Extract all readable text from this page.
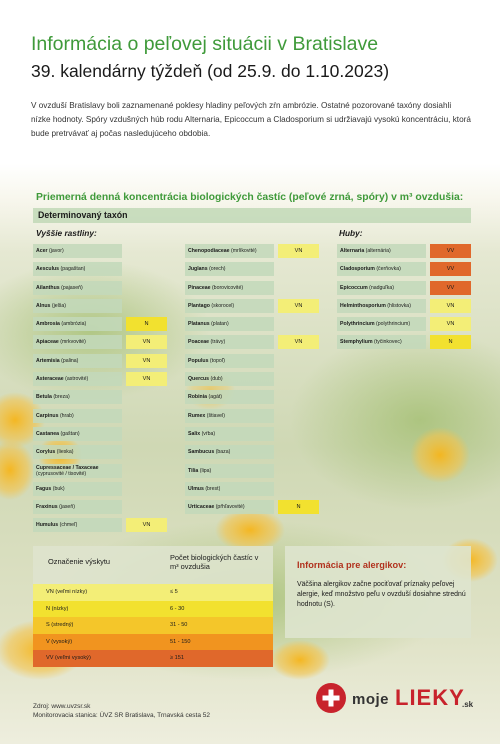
Informácia o peľovej situácii v Bratislave
39. kalendárny týždeň (od 25.9. do 1.10.2023)
V ovzduší Bratislavy boli zaznamenané poklesy hladiny peľových zŕn ambrózie. Ostatné pozorované taxóny dosiahli nízke hodnoty. Spóry vzdušných húb rodu Alternaria, Epicoccum a Cladosporium si udržiavajú vysokú koncentráciu, ktorá bude pretrvávať aj počas nasledujúceho obdobia.
Priemerná denná koncentrácia biologických častíc (peľové zrná, spóry) v m³ ovzdušia:
Determinovaný taxón
Vyššie rastliny:	Huby:
Acer (javor)
Aesculus (pagaštan)
Ailanthus (pajaseň)
Alnus (jelša)
Ambrosia (ambrózia)	N
Apiaceae (mrkvovité)	VN
Artemisia (palina)	VN
Asteraceae (astrovité)	VN
Betula (breza)
Carpinus (hrab)
Castanea (gaštan)
Corylus (lieska)
Cupressaceae / Taxaceae
(cyprusovité / tisovité)
Fagus (buk)
Fraxinus (jaseň)
Humulus (chmeľ)	VN
Chenopodiaceae (mrlíkovité)	VN
Juglans (orech)
Pinaceae (borovicovité)
Plantago (skorocel)	VN
Platanus (platan)
Poaceae (trávy)	VN
Populus (topoľ)
Quercus (dub)
Robinia (agát)
Rumex (štiavel)
Salix (vŕba)
Sambucus (baza)
Tilia (lipa)
Ulmus (brest)
Urticaceae (pŕhľavovité)	N
Alternaria (alternária)	VV
Cladosporium (čerňovka)	VV
Epicoccum (nadguľka)	VV
Helminthosporium (hlistovka)	VN
Polythrincium (polythrincium)	VN
Stemphylium (tyčinkovec)	N
Označenie výskytu	Počet biologických častíc v m³ ovzdušia
VN (veľmi nízky)	≤ 5
N (nízky)	6 - 30
S (stredný)	31 - 50
V (vysoký)	51 - 150
VV (veľmi vysoký)	≥ 151
Informácia pre alergikov:
Väčšina alergikov začne pociťovať príznaky peľovej alergie, keď množstvo peľu v ovzduší dosiahne strednú hodnotu (S).
Zdroj: www.uvzsr.sk
Monitorovacia stanica: ÚVZ SR Bratislava, Trnavská cesta 52
moje LIEKY
.sk
